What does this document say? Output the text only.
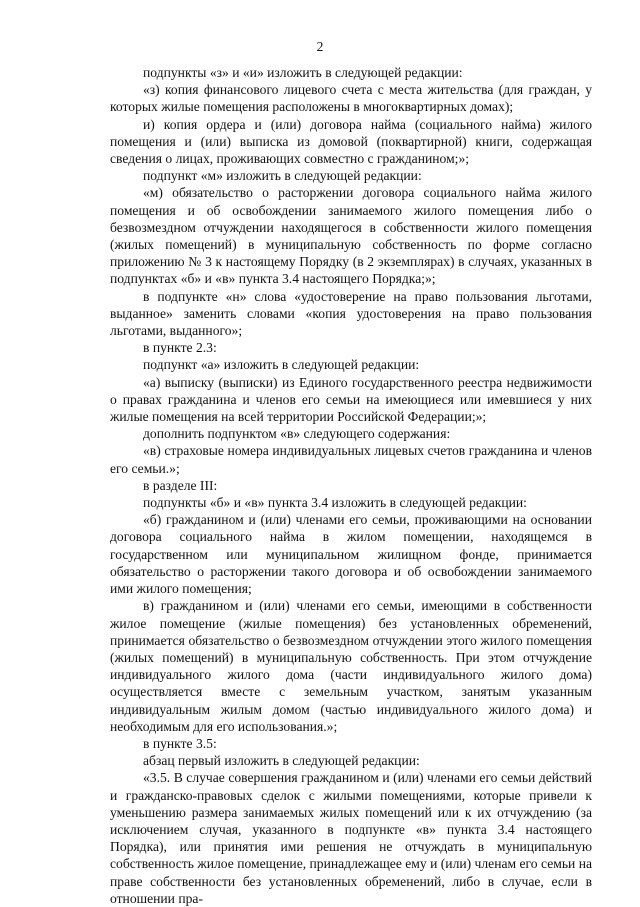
2

подпункты «з» и «и» изложить в следующей редакции:

«з) копия финансового лицевого счета с места жительства (для граждан, у которых жилые помещения расположены в многоквартирных домах);

и) копия ордера и (или) договора найма (социального найма) жилого помещения и (или) выписка из домовой (поквартирной) книги, содержащая сведения о лицах, проживающих совместно с гражданином;»;

подпункт «м» изложить в следующей редакции:

«м) обязательство о расторжении договора социального найма жилого помещения и об освобождении занимаемого жилого помещения либо о безвозмездном отчуждении находящегося в собственности жилого помещения (жилых помещений) в муниципальную собственность по форме согласно приложению № 3 к настоящему Порядку (в 2 экземплярах) в случаях, указанных в подпунктах «б» и «в» пункта 3.4 настоящего Порядка;»;

в подпункте «н» слова «удостоверение на право пользования льготами, выданное» заменить словами «копия удостоверения на право пользования льготами, выданного»;

в пункте 2.3:

подпункт «а» изложить в следующей редакции:

«а) выписку (выписки) из Единого государственного реестра недвижимости о правах гражданина и членов его семьи на имеющиеся или имевшиеся у них жилые помещения на всей территории Российской Федерации;»;

дополнить подпунктом «в» следующего содержания:

«в) страховые номера индивидуальных лицевых счетов гражданина и членов его семьи.»;

в разделе III:

подпункты «б» и «в» пункта 3.4 изложить в следующей редакции:

«б) гражданином и (или) членами его семьи, проживающими на основании договора социального найма в жилом помещении, находящемся в государственном или муниципальном жилищном фонде, принимается обязательство о расторжении такого договора и об освобождении занимаемого ими жилого помещения;

в) гражданином и (или) членами его семьи, имеющими в собственности жилое помещение (жилые помещения) без установленных обременений, принимается обязательство о безвозмездном отчуждении этого жилого помещения (жилых помещений) в муниципальную собственность. При этом отчуждение индивидуального жилого дома (части индивидуального жилого дома) осуществляется вместе с земельным участком, занятым указанным индивидуальным жилым домом (частью индивидуального жилого дома) и необходимым для его использования.»;

в пункте 3.5:

абзац первый изложить в следующей редакции:

«3.5. В случае совершения гражданином и (или) членами его семьи действий и гражданско-правовых сделок с жилыми помещениями, которые привели к уменьшению размера занимаемых жилых помещений или к их отчуждению (за исключением случая, указанного в подпункте «в» пункта 3.4 настоящего Порядка), или принятия ими решения не отчуждать в муниципальную собственность жилое помещение, принадлежащее ему и (или) членам его семьи на праве собственности без установленных обременений, либо в случае, если в отношении пра-
